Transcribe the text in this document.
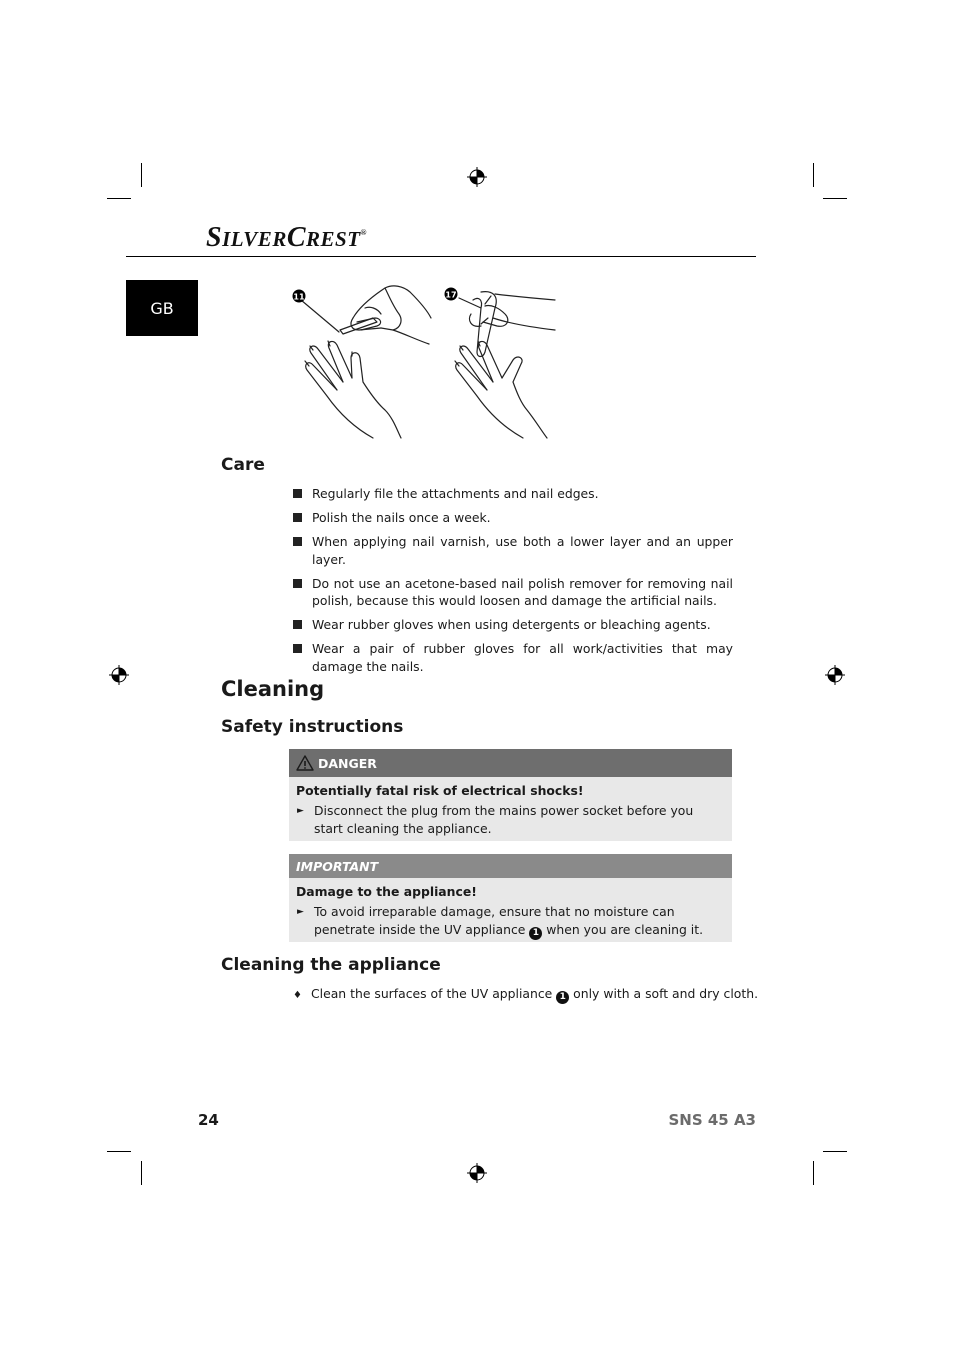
SILVERCREST®
GB
11	17
Care
Regularly file the attachments and nail edges.
Polish the nails once a week.
When applying nail varnish, use both a lower layer and an upper layer.
Do not use an acetone-based nail polish remover for removing nail polish, because this would loosen and damage the artificial nails.
Wear rubber gloves when using detergents or bleaching agents.
Wear a pair of rubber gloves for all work/activities that may damage the nails.
Cleaning
Safety instructions
DANGER
Potentially fatal risk of electrical shocks!
► Disconnect the plug from the mains power socket before you start cleaning the appliance.
IMPORTANT
Damage to the appliance!
► To avoid irreparable damage, ensure that no moisture can penetrate inside the UV appliance 1 when you are cleaning it.
Cleaning the appliance
♦ Clean the surfaces of the UV appliance 1 only with a soft and dry cloth.
24	SNS 45 A3
